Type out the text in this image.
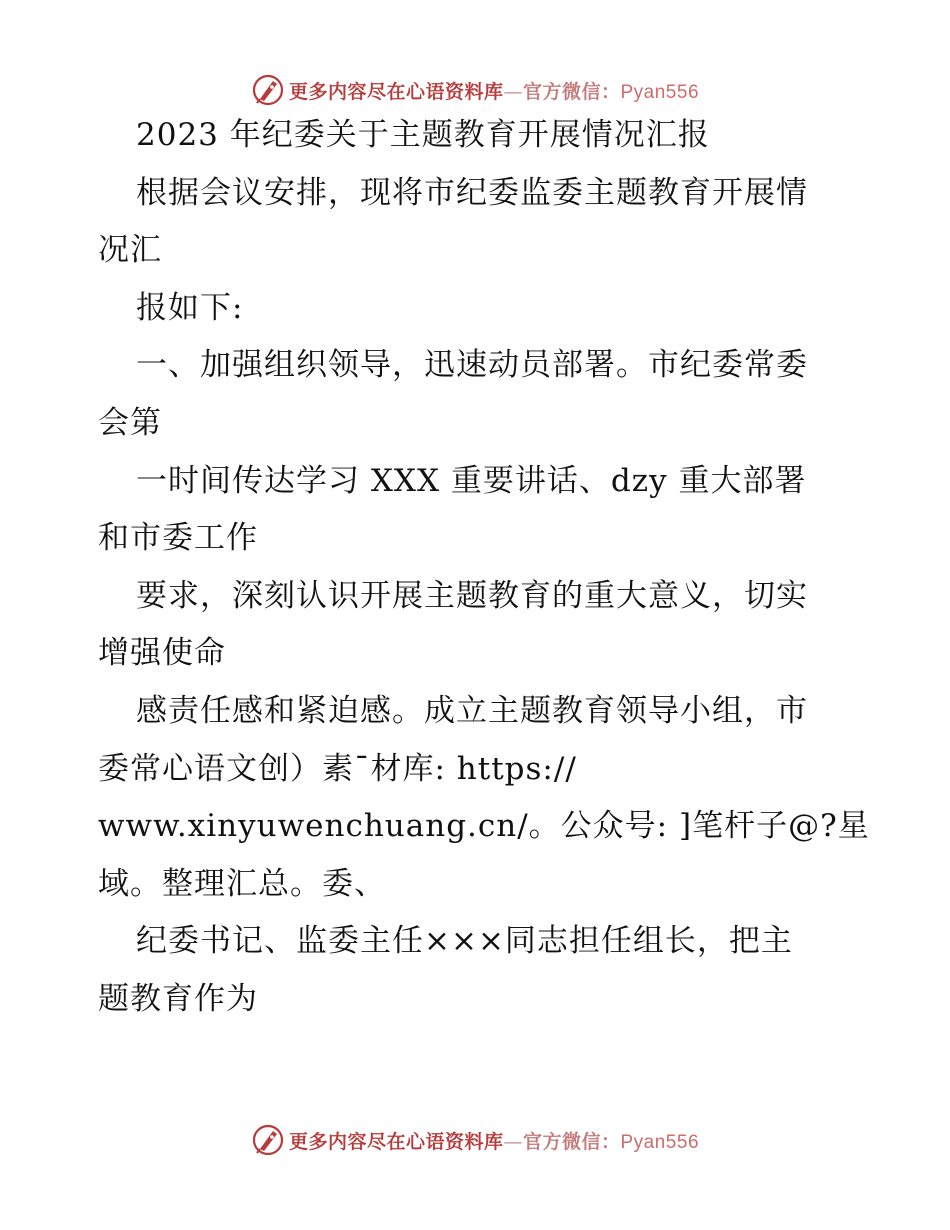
更多内容尽在心语资料库—官方微信：Pyan556
2023 年纪委关于主题教育开展情况汇报
根据会议安排，现将市纪委监委主题教育开展情
况汇
报如下:
一、加强组织领导，迅速动员部署。市纪委常委
会第
一时间传达学习 XXX 重要讲话、dzy 重大部署
和市委工作
要求，深刻认识开展主题教育的重大意义，切实
增强使命
感责任感和紧迫感。成立主题教育领导小组，市
委常心语文创）素¯材库: https://
www.xinyuwenchuang.cn/。公众号: ]笔杆子@?星
域。整理汇总。委、
纪委书记、监委主任×××同志担任组长，把主
题教育作为
更多内容尽在心语资料库—官方微信：Pyan556
